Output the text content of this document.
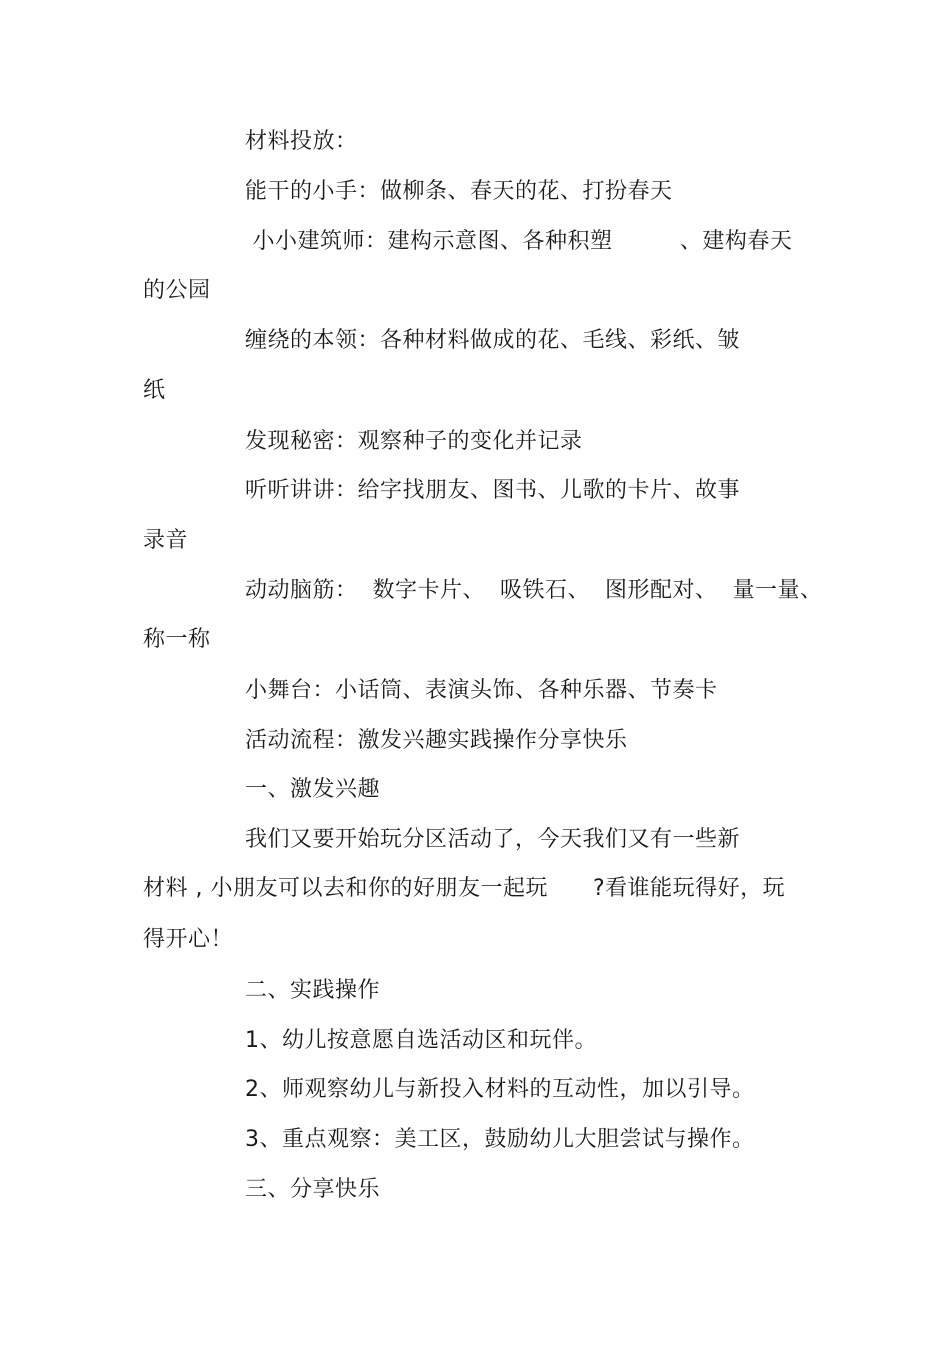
材料投放：
能干的小手：做柳条、春天的花、打扮春天
小小建筑师：建构示意图、各种积塑         、建构春天
的公园
缠绕的本领：各种材料做成的花、毛线、彩纸、皱
纸
发现秘密：观察种子的变化并记录
听听讲讲：给字找朋友、图书、儿歌的卡片、故事
录音
动动脑筋：  数字卡片、  吸铁石、  图形配对、  量一量、
称一称
小舞台：小话筒、表演头饰、各种乐器、节奏卡
活动流程：激发兴趣实践操作分享快乐
一、激发兴趣
我们又要开始玩分区活动了，今天我们又有一些新
材料 , 小朋友可以去和你的好朋友一起玩      ?看谁能玩得好，玩
得开心！
二、实践操作
1、幼儿按意愿自选活动区和玩伴。
2、师观察幼儿与新投入材料的互动性，加以引导。
3、重点观察：美工区，鼓励幼儿大胆尝试与操作。
三、分享快乐
